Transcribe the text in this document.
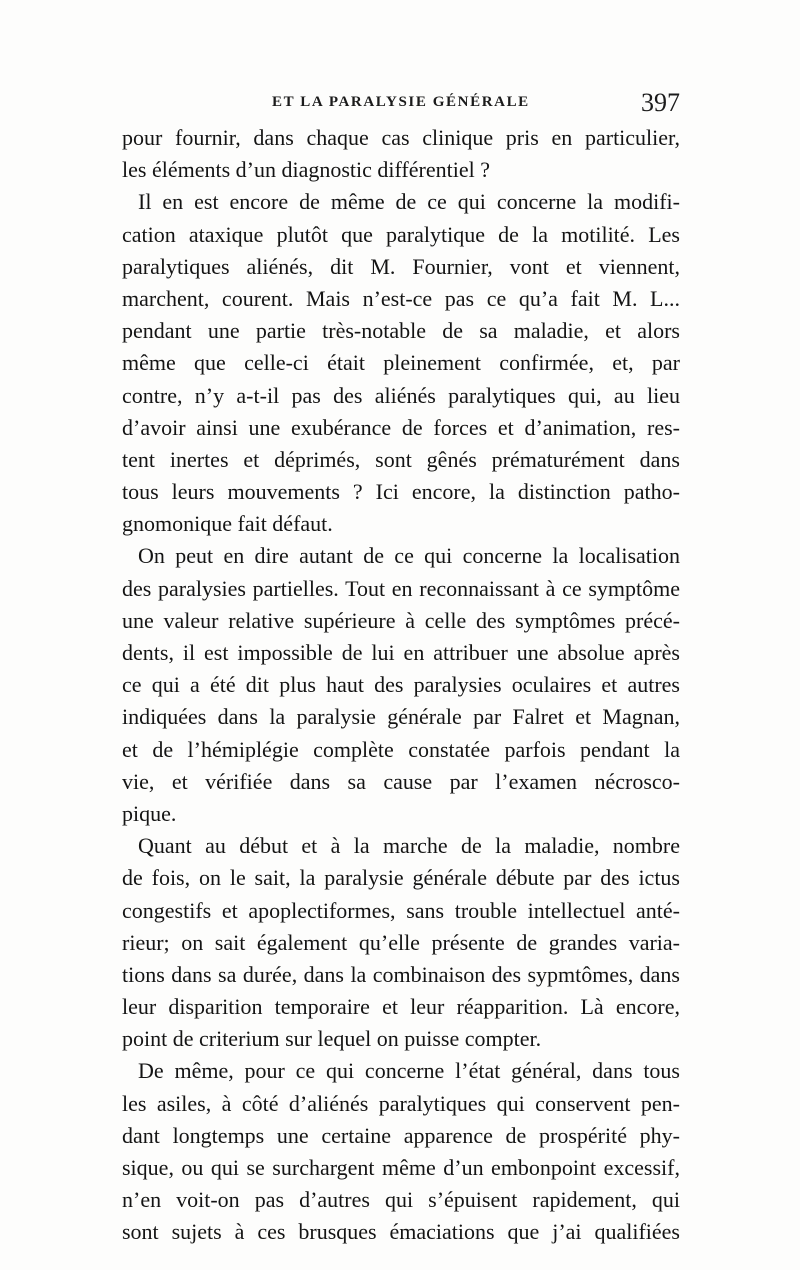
ET LA PARALYSIE GÉNÉRALE	397
pour fournir, dans chaque cas clinique pris en particulier,
les éléments d’un diagnostic différentiel ?
Il en est encore de même de ce qui concerne la modifi-
cation ataxique plutôt que paralytique de la motilité. Les
paralytiques aliénés, dit M. Fournier, vont et viennent,
marchent, courent. Mais n’est-ce pas ce qu’a fait M. L...
pendant une partie très-notable de sa maladie, et alors
même que celle-ci était pleinement confirmée, et, par
contre, n’y a-t-il pas des aliénés paralytiques qui, au lieu
d’avoir ainsi une exubérance de forces et d’animation, res-
tent inertes et déprimés, sont gênés prématurément dans
tous leurs mouvements ? Ici encore, la distinction patho-
gnomonique fait défaut.
On peut en dire autant de ce qui concerne la localisation
des paralysies partielles. Tout en reconnaissant à ce symptôme
une valeur relative supérieure à celle des symptômes précé-
dents, il est impossible de lui en attribuer une absolue après
ce qui a été dit plus haut des paralysies oculaires et autres
indiquées dans la paralysie générale par Falret et Magnan,
et de l’hémiplégie complète constatée parfois pendant la
vie, et vérifiée dans sa cause par l’examen nécrosco-
pique.
Quant au début et à la marche de la maladie, nombre
de fois, on le sait, la paralysie générale débute par des ictus
congestifs et apoplectiformes, sans trouble intellectuel anté-
rieur; on sait également qu’elle présente de grandes varia-
tions dans sa durée, dans la combinaison des sypmtômes, dans
leur disparition temporaire et leur réapparition. Là encore,
point de criterium sur lequel on puisse compter.
De même, pour ce qui concerne l’état général, dans tous
les asiles, à côté d’aliénés paralytiques qui conservent pen-
dant longtemps une certaine apparence de prospérité phy-
sique, ou qui se surchargent même d’un embonpoint excessif,
n’en voit-on pas d’autres qui s’épuisent rapidement, qui
sont sujets à ces brusques émaciations que j’ai qualifiées
